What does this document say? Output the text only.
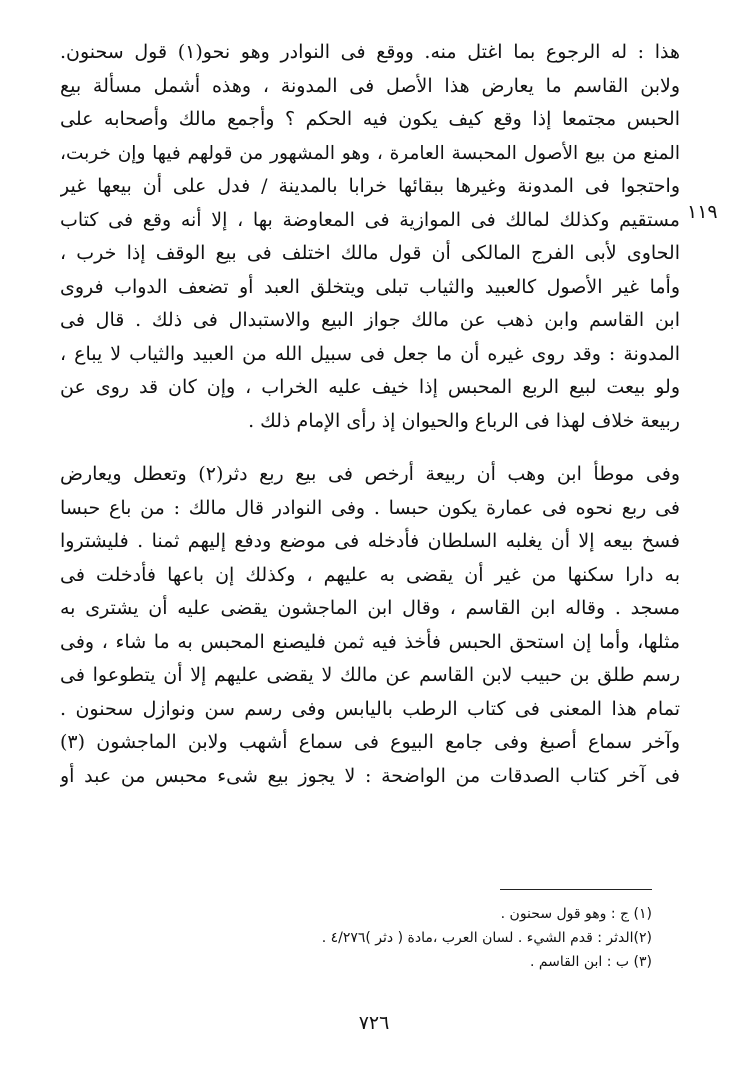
١١٩
هذا : له الرجوع بما اغتل منه. ووقع فى النوادر وهو نحو(١) قول سحنون.
ولابن القاسم ما يعارض هذا الأصل فى المدونة ، وهذه أشمل مسألة بيع
الحبس مجتمعا إذا وقع كيف يكون فيه الحكم ؟ وأجمع مالك وأصحابه على
المنع من بيع الأصول المحبسة العامرة ، وهو المشهور من قولهم فيها وإن خربت،
واحتجوا فى المدونة وغيرها ببقائها خرابا بالمدينة / فدل على أن بيعها غير
مستقيم وكذلك لمالك فى الموازية فى المعاوضة بها ، إلا أنه وقع فى كتاب
الحاوى لأبى الفرج المالكى أن قول مالك اختلف فى بيع الوقف إذا خرب ،
وأما غير الأصول كالعبيد والثياب تبلى ويتخلق العبد أو تضعف الدواب فروى
ابن القاسم وابن ذهب عن مالك جواز البيع والاستبدال فى ذلك . قال فى
المدونة : وقد روى غيره أن ما جعل فى سبيل الله من العبيد والثياب لا يباع ،
ولو بيعت لبيع الربع المحبس إذا خيف عليه الخراب ، وإن كان قد روى عن
ربيعة خلاف لهذا فى الرباع والحيوان إذ رأى الإمام ذلك .
وفى موطأ ابن وهب أن ربيعة أرخص فى بيع ربع دثر(٢) وتعطل ويعارض
فى ربع نحوه فى عمارة يكون حبسا . وفى النوادر قال مالك : من باع حبسا
فسخ بيعه إلا أن يغلبه السلطان فأدخله فى موضع ودفع إليهم ثمنا . فليشتروا
به دارا سكنها من غير أن يقضى به عليهم ، وكذلك إن باعها فأدخلت فى
مسجد . وقاله ابن القاسم ، وقال ابن الماجشون يقضى عليه أن يشترى به
مثلها، وأما إن استحق الحبس فأخذ فيه ثمن فليصنع المحبس به ما شاء ، وفى
رسم طلق بن حبيب لابن القاسم عن مالك لا يقضى عليهم إلا أن يتطوعوا فى
تمام هذا المعنى فى كتاب الرطب باليابس وفى رسم سن ونوازل سحنون .
وآخر سماع أصبغ وفى جامع البيوع فى سماع أشهب ولابن الماجشون (٣)
فى آخر كتاب الصدقات من الواضحة : لا يجوز بيع شىء محبس من عبد أو
(١) ج : وهو قول سحنون .
(٢)الدثر : قدم الشيء . لسان العرب ،مادة ( دثر )٤/٢٧٦ .
(٣) ب : ابن القاسم .
٧٢٦
